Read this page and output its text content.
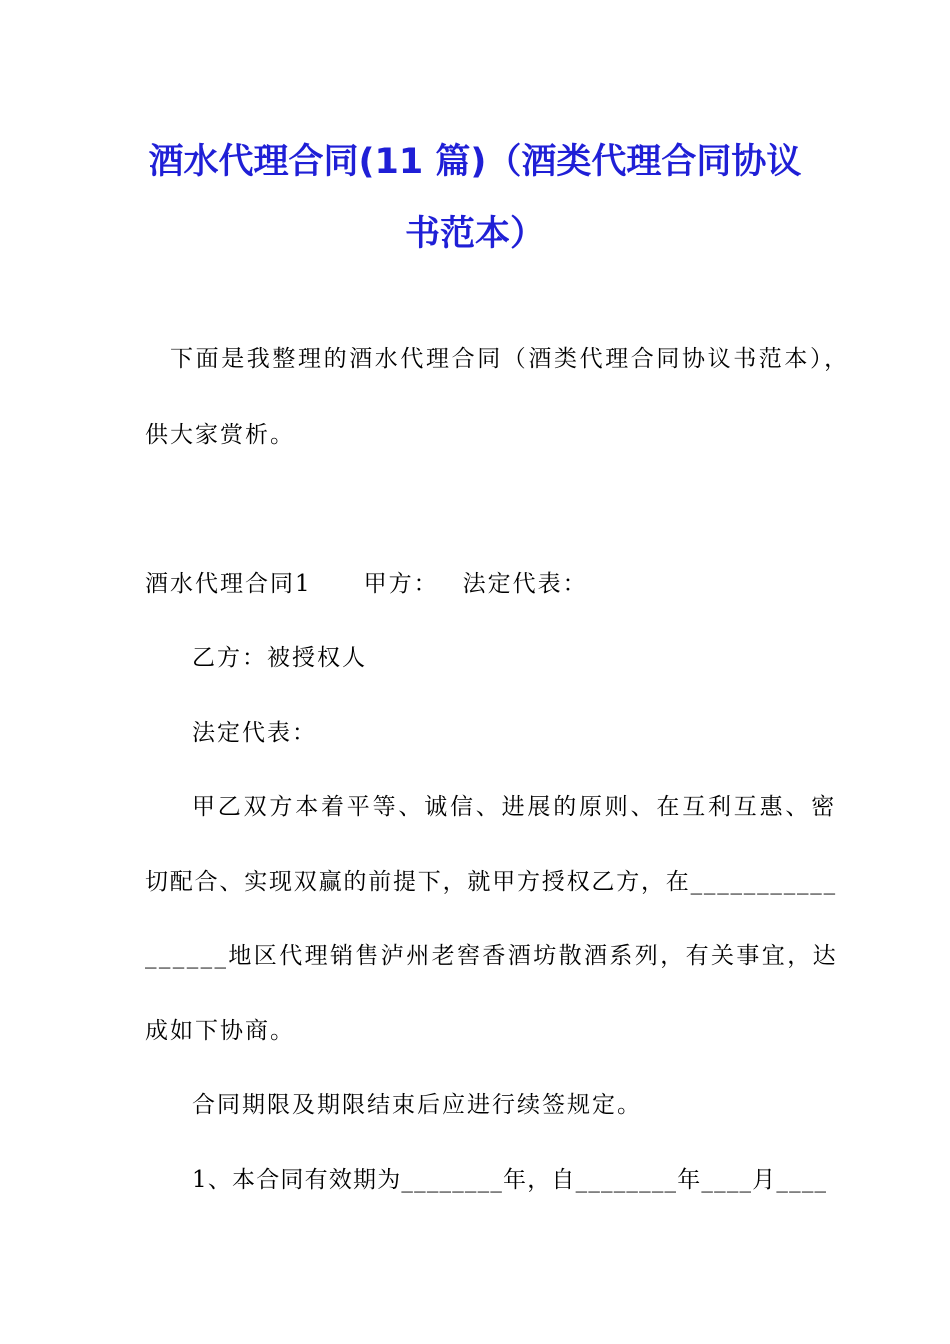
酒水代理合同(11 篇)（酒类代理合同协议
书范本）
下面是我整理的酒水代理合同（酒类代理合同协议书范本），
供大家赏析。
酒水代理合同1 甲方： 法定代表：
乙方：被授权人
法定代表：
甲乙双方本着平等、诚信、进展的原则、在互利互惠、密
切配合、实现双赢的前提下，就甲方授权乙方，在___________
______地区代理销售泸州老窖香酒坊散酒系列，有关事宜，达
成如下协商。
合同期限及期限结束后应进行续签规定。
1、本合同有效期为________年，自________年____月____
